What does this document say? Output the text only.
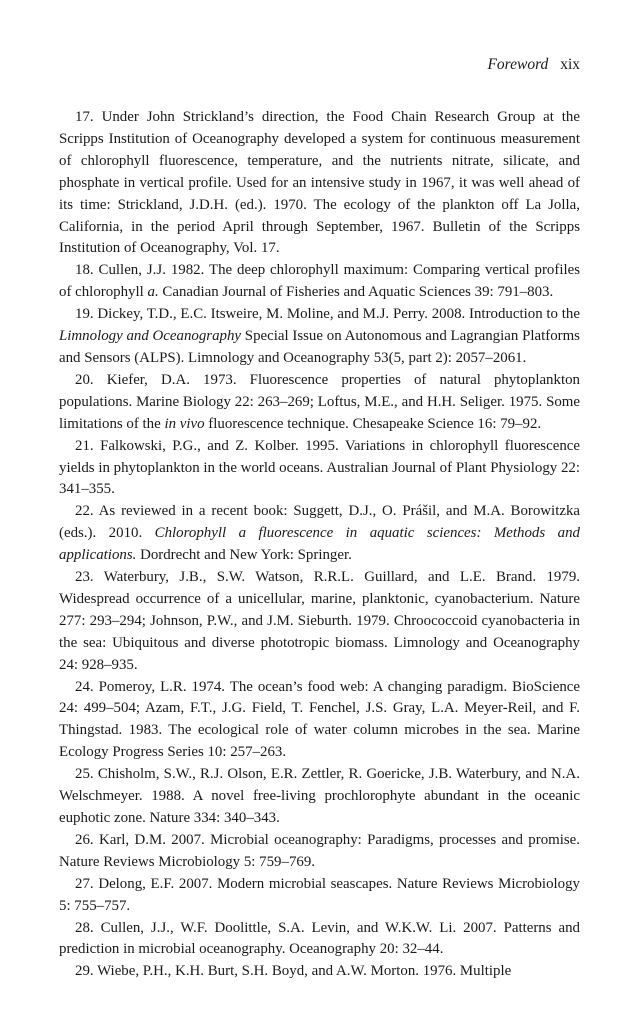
Foreword xix

17. Under John Strickland’s direction, the Food Chain Research Group at the Scripps Institution of Oceanography developed a system for continuous measurement of chlorophyll fluorescence, temperature, and the nutrients nitrate, silicate, and phosphate in vertical profile. Used for an intensive study in 1967, it was well ahead of its time: Strickland, J.D.H. (ed.). 1970. The ecology of the plankton off La Jolla, California, in the period April through September, 1967. Bulletin of the Scripps Institution of Oceanography, Vol. 17.

18. Cullen, J.J. 1982. The deep chlorophyll maximum: Comparing vertical profiles of chlorophyll a. Canadian Journal of Fisheries and Aquatic Sciences 39: 791–803.

19. Dickey, T.D., E.C. Itsweire, M. Moline, and M.J. Perry. 2008. Introduction to the Limnology and Oceanography Special Issue on Autonomous and Lagrangian Platforms and Sensors (ALPS). Limnology and Oceanography 53(5, part 2): 2057–2061.

20. Kiefer, D.A. 1973. Fluorescence properties of natural phytoplankton populations. Marine Biology 22: 263–269; Loftus, M.E., and H.H. Seliger. 1975. Some limitations of the in vivo fluorescence technique. Chesapeake Science 16: 79–92.

21. Falkowski, P.G., and Z. Kolber. 1995. Variations in chlorophyll fluorescence yields in phytoplankton in the world oceans. Australian Journal of Plant Physiology 22: 341–355.

22. As reviewed in a recent book: Suggett, D.J., O. Prášil, and M.A. Borowitzka (eds.). 2010. Chlorophyll a fluorescence in aquatic sciences: Methods and applications. Dordrecht and New York: Springer.

23. Waterbury, J.B., S.W. Watson, R.R.L. Guillard, and L.E. Brand. 1979. Widespread occurrence of a unicellular, marine, planktonic, cyanobacterium. Nature 277: 293–294; Johnson, P.W., and J.M. Sieburth. 1979. Chroococcoid cyanobacteria in the sea: Ubiquitous and diverse phototropic biomass. Limnology and Oceanography 24: 928–935.

24. Pomeroy, L.R. 1974. The ocean’s food web: A changing paradigm. BioScience 24: 499–504; Azam, F.T., J.G. Field, T. Fenchel, J.S. Gray, L.A. Meyer-Reil, and F. Thingstad. 1983. The ecological role of water column microbes in the sea. Marine Ecology Progress Series 10: 257–263.

25. Chisholm, S.W., R.J. Olson, E.R. Zettler, R. Goericke, J.B. Waterbury, and N.A. Welschmeyer. 1988. A novel free-living prochlorophyte abundant in the oceanic euphotic zone. Nature 334: 340–343.

26. Karl, D.M. 2007. Microbial oceanography: Paradigms, processes and promise. Nature Reviews Microbiology 5: 759–769.

27. Delong, E.F. 2007. Modern microbial seascapes. Nature Reviews Microbiology 5: 755–757.

28. Cullen, J.J., W.F. Doolittle, S.A. Levin, and W.K.W. Li. 2007. Patterns and prediction in microbial oceanography. Oceanography 20: 32–44.

29. Wiebe, P.H., K.H. Burt, S.H. Boyd, and A.W. Morton. 1976. Multiple
